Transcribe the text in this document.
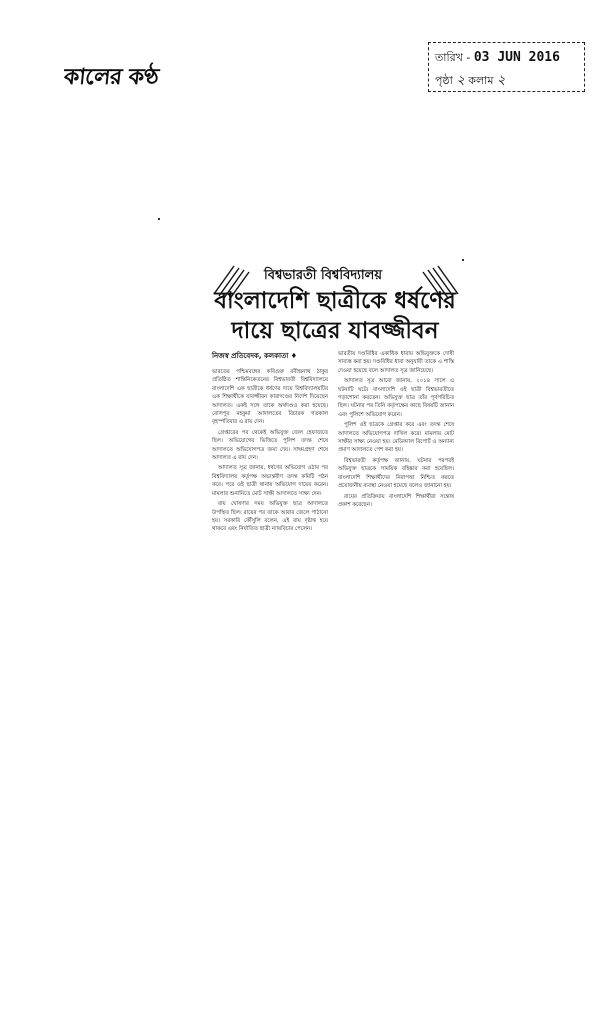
কালের কণ্ঠ
তারিখ - 03 JUN 2016
পৃষ্ঠা ২ কলাম ২
বিশ্বভারতী বিশ্ববিদ্যালয়
বাংলাদেশি ছাত্রীকে ধর্ষণের
দায়ে ছাত্রের যাবজ্জীবন
নিজস্ব প্রতিবেদক, কলকাতা ♦

ভারতের পশ্চিমবঙ্গের কবিগুরু রবীন্দ্রনাথ ঠাকুর প্রতিষ্ঠিত শান্তিনিকেতনের বিশ্বভারতী বিশ্ববিদ্যালয়ে বাংলাদেশি এক ছাত্রীকে ধর্ষণের দায়ে বিশ্ববিদ্যালয়টির এক শিক্ষার্থীকে যাবজ্জীবন কারাদণ্ডের নির্দেশ দিয়েছেন আদালত। একই সঙ্গে তাকে অর্থদণ্ডও করা হয়েছে। বোলপুর মহকুমা আদালতের বিচারক গতকাল বৃহস্পতিবার এ রায় দেন।

গ্রেপ্তারের পর থেকেই অভিযুক্ত জেল হেফাজতে ছিল। অভিযোগের ভিত্তিতে পুলিশ তদন্ত শেষে আদালতে অভিযোগপত্র জমা দেয়। সাক্ষ্যগ্রহণ শেষে আদালত এ রায় দেন।

আদালত সূত্র জানায়, ধর্ষণের অভিযোগ ওঠার পর বিশ্ববিদ্যালয় কর্তৃপক্ষ অভ্যন্তরীণ তদন্ত কমিটি গঠন করে। পরে ওই ছাত্রী থানায় অভিযোগ দায়ের করেন। মামলার শুনানিতে মোট সাক্ষী আদালতে সাক্ষ্য দেন।

রায় ঘোষণার সময় অভিযুক্ত ছাত্র আদালতে উপস্থিত ছিল। রায়ের পর তাকে আবার জেলে পাঠানো হয়। সরকারি কৌঁসুলি বলেন, এই রায় দৃষ্টান্ত হয়ে থাকবে এবং নির্যাতিত ছাত্রী ন্যায়বিচার পেলেন।

ভারতীয় দণ্ডবিধির একাধিক ধারায় অভিযুক্তকে দোষী সাব্যস্ত করা হয়। দণ্ডবিধির ধারা অনুযায়ী তাকে এ শাস্তি দেওয়া হয়েছে বলে আদালত সূত্র জানিয়েছে।

আদালত সূত্র আরো জানায়, ২০১৪ সালে এ ঘটনাটি ঘটে। বাংলাদেশি ওই ছাত্রী বিশ্বভারতীতে পড়াশোনা করতেন। অভিযুক্ত ছাত্র তাঁর পূর্বপরিচিত ছিল। ঘটনার পর তিনি কর্তৃপক্ষের কাছে বিষয়টি জানান এবং পুলিশে অভিযোগ করেন।

পুলিশ ওই ছাত্রকে গ্রেপ্তার করে এবং তদন্ত শেষে আদালতে অভিযোগপত্র দাখিল করে। মামলায় মোট সাক্ষীর সাক্ষ্য নেওয়া হয়। মেডিক্যাল রিপোর্ট ও অন্যান্য প্রমাণ আদালতে পেশ করা হয়।

বিশ্বভারতী কর্তৃপক্ষ জানায়, ঘটনার পরপরই অভিযুক্ত ছাত্রকে সাময়িক বহিষ্কার করা হয়েছিল। বাংলাদেশি শিক্ষার্থীদের নিরাপত্তা নিশ্চিত করতে প্রয়োজনীয় ব্যবস্থা নেওয়া হয়েছে বলেও জানানো হয়।

রায়ের প্রতিক্রিয়ায় বাংলাদেশি শিক্ষার্থীরা সন্তোষ প্রকাশ করেছেন।
